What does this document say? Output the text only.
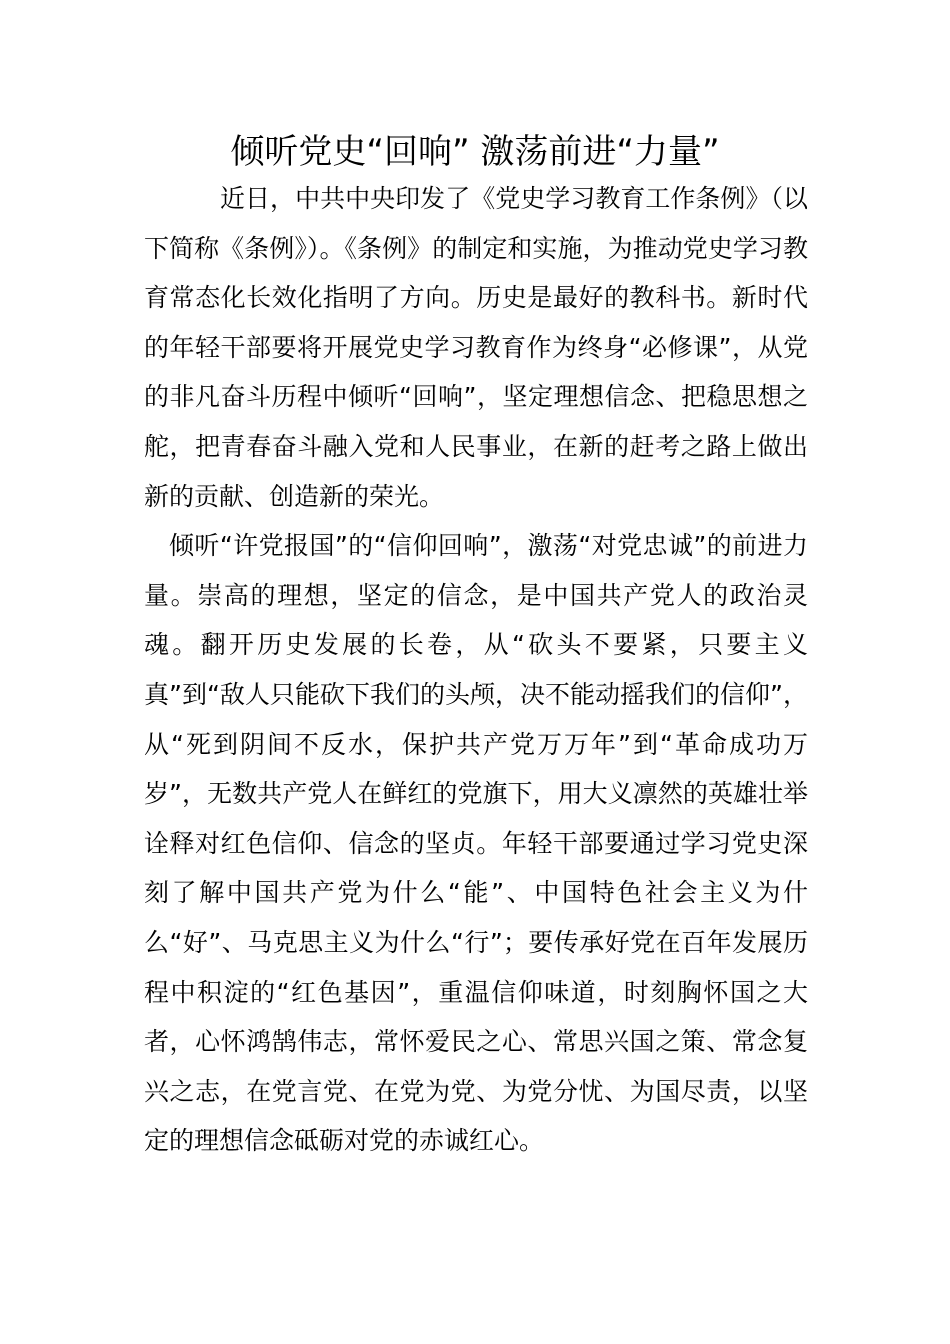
倾听党史“回响” 激荡前进“力量”

近日，中共中央印发了《党史学习教育工作条例》（以下简称《条例》）。《条例》的制定和实施，为推动党史学习教育常态化长效化指明了方向。历史是最好的教科书。新时代的年轻干部要将开展党史学习教育作为终身“必修课”，从党的非凡奋斗历程中倾听“回响”，坚定理想信念、把稳思想之舵，把青春奋斗融入党和人民事业，在新的赶考之路上做出新的贡献、创造新的荣光。

倾听“许党报国”的“信仰回响”，激荡“对党忠诚”的前进力量。崇高的理想，坚定的信念，是中国共产党人的政治灵魂。翻开历史发展的长卷，从“砍头不要紧，只要主义真”到“敌人只能砍下我们的头颅，决不能动摇我们的信仰”，从“死到阴间不反水，保护共产党万万年”到“革命成功万岁”，无数共产党人在鲜红的党旗下，用大义凛然的英雄壮举诠释对红色信仰、信念的坚贞。年轻干部要通过学习党史深刻了解中国共产党为什么“能”、中国特色社会主义为什么“好”、马克思主义为什么“行”；要传承好党在百年发展历程中积淀的“红色基因”，重温信仰味道，时刻胸怀国之大者，心怀鸿鹄伟志，常怀爱民之心、常思兴国之策、常念复兴之志，在党言党、在党为党、为党分忧、为国尽责，以坚定的理想信念砥砺对党的赤诚红心。
